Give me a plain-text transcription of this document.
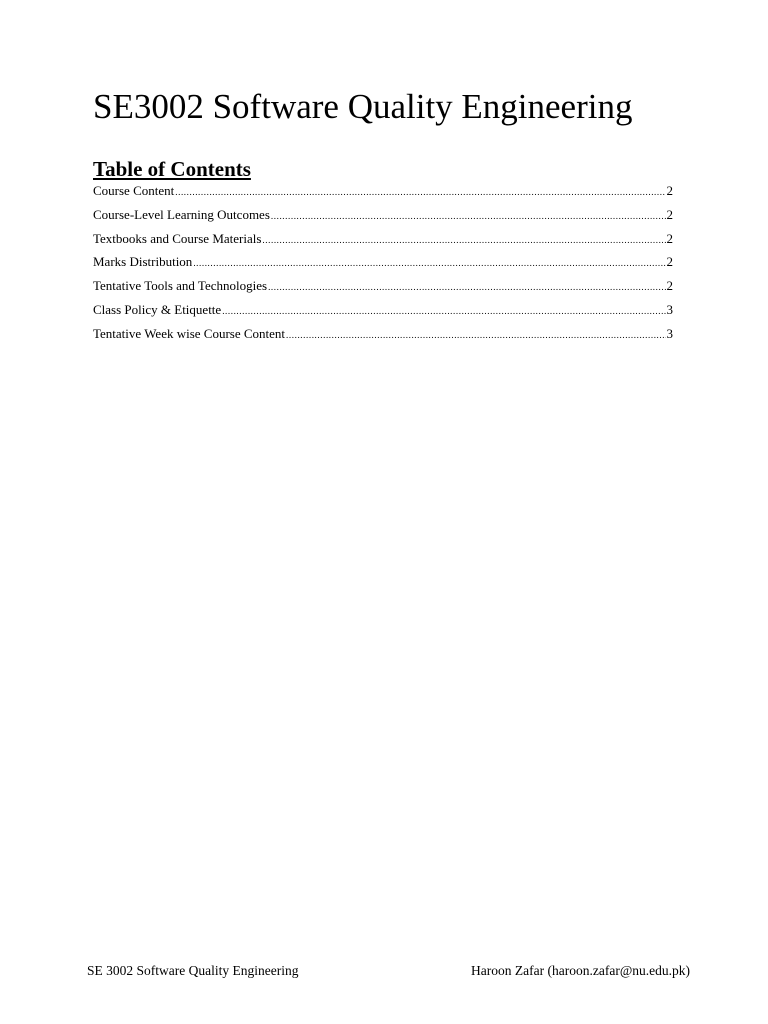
SE3002 Software Quality Engineering
Table of Contents
Course Content .....	2
Course-Level Learning Outcomes .....	2
Textbooks and Course Materials .....	2
Marks Distribution .....	2
Tentative Tools and Technologies .....	2
Class Policy & Etiquette .....	3
Tentative Week wise Course Content .....	3
SE 3002 Software Quality Engineering	Haroon Zafar (haroon.zafar@nu.edu.pk)
